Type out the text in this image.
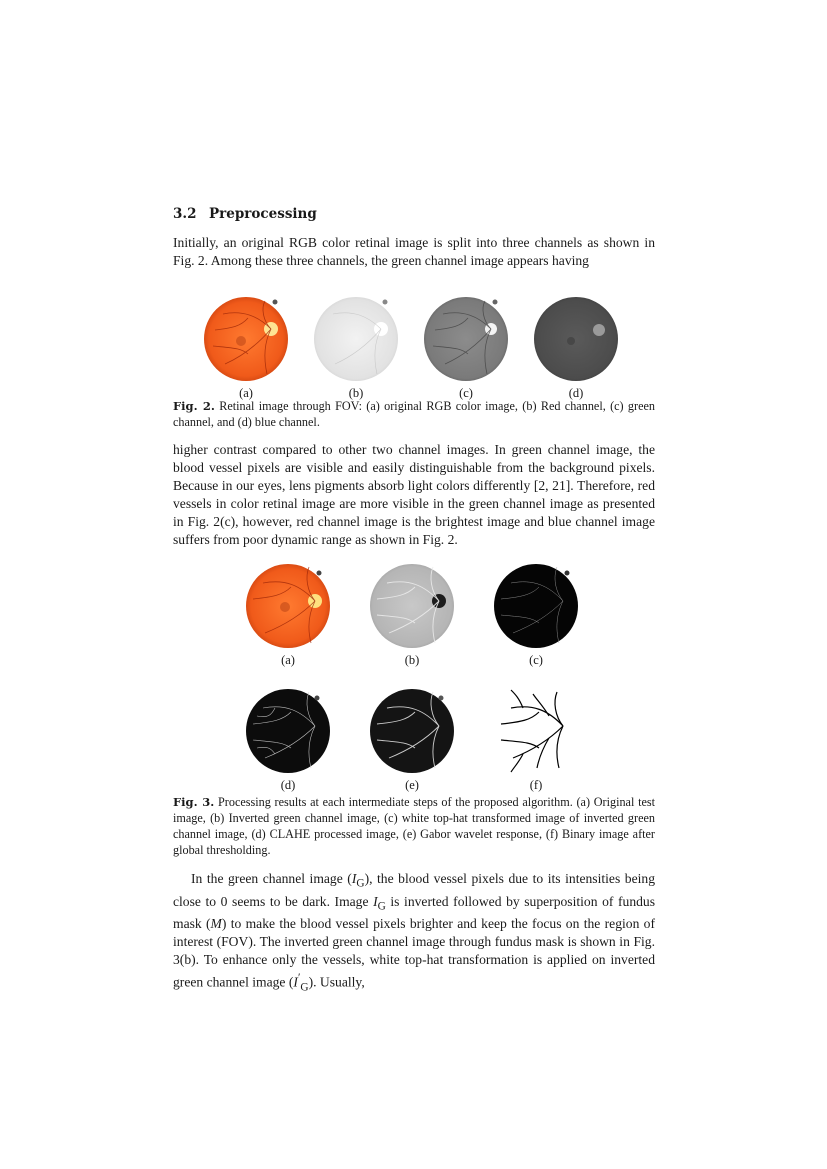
3.2 Preprocessing

Initially, an original RGB color retinal image is split into three channels as shown in Fig. 2. Among these three channels, the green channel image appears having

(a)	(b)	(c)	(d)

Fig. 2. Retinal image through FOV: (a) original RGB color image, (b) Red channel, (c) green channel, and (d) blue channel.

higher contrast compared to other two channel images. In green channel image, the blood vessel pixels are visible and easily distinguishable from the background pixels. Because in our eyes, lens pigments absorb light colors differently [2, 21]. Therefore, red vessels in color retinal image are more visible in the green channel image as presented in Fig. 2(c), however, red channel image is the brightest image and blue channel image suffers from poor dynamic range as shown in Fig. 2.

(a)	(b)	(c)
(d)	(e)	(f)

Fig. 3. Processing results at each intermediate steps of the proposed algorithm. (a) Original test image, (b) Inverted green channel image, (c) white top-hat transformed image of inverted green channel image, (d) CLAHE processed image, (e) Gabor wavelet response, (f) Binary image after global thresholding.

In the green channel image $(I_G)$, the blood vessel pixels due to its intensities being close to 0 seems to be dark. Image $I_G$ is inverted followed by superposition of fundus mask (M) to make the blood vessel pixels brighter and keep the focus on the region of interest (FOV). The inverted green channel image through fundus mask is shown in Fig. 3(b). To enhance only the vessels, white top-hat transformation is applied on inverted green channel image $(I'_G)$. Usually,
